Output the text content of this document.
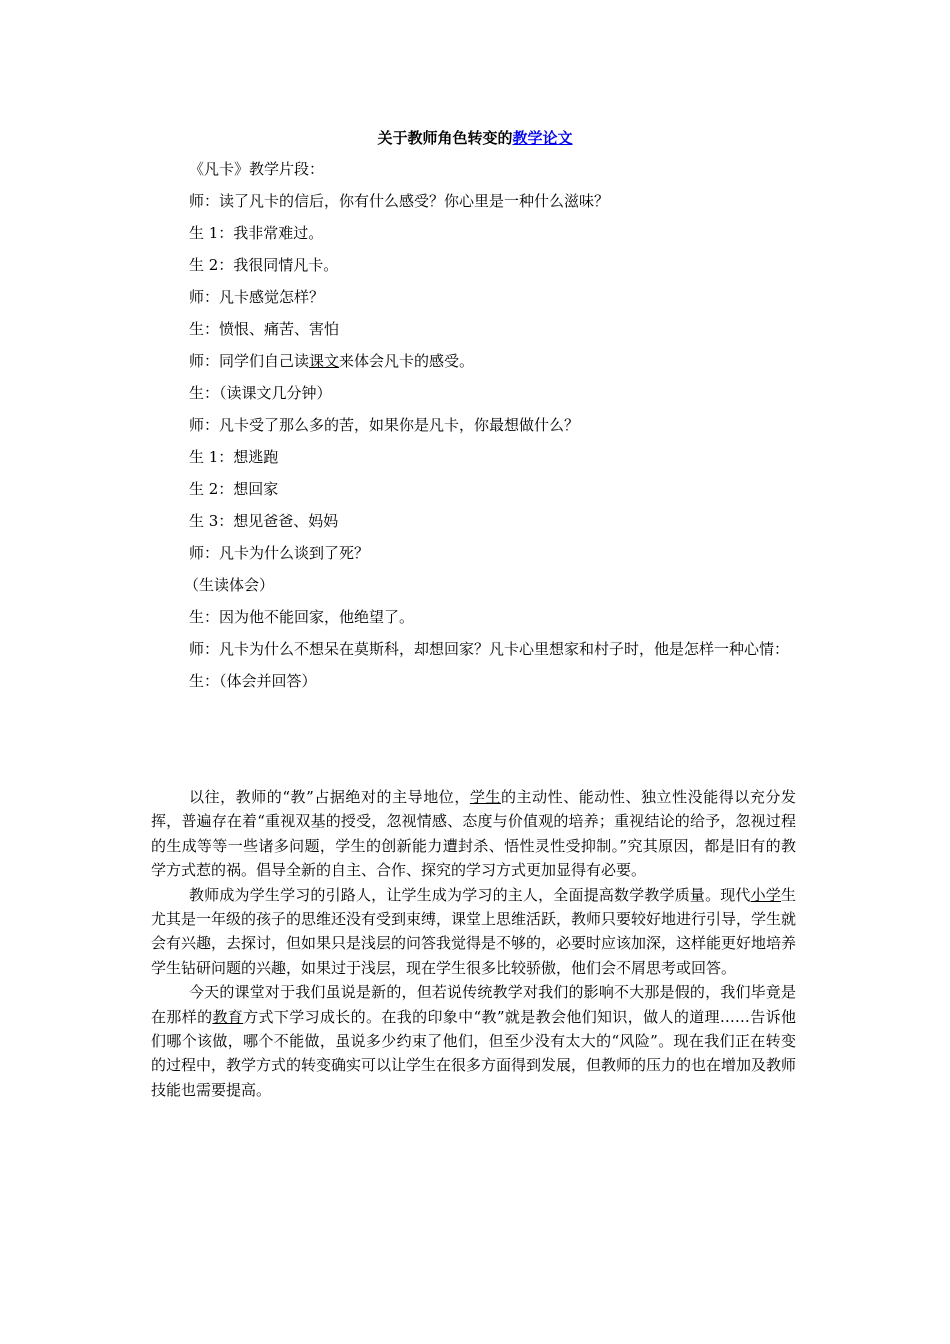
关于教师角色转变的教学论文
《凡卡》教学片段：
师：读了凡卡的信后，你有什么感受？你心里是一种什么滋味？
生 1：我非常难过。
生 2：我很同情凡卡。
师：凡卡感觉怎样？
生：愤恨、痛苦、害怕
师：同学们自己读课文来体会凡卡的感受。
生：（读课文几分钟）
师：凡卡受了那么多的苦，如果你是凡卡，你最想做什么？
生 1：想逃跑
生 2：想回家
生 3：想见爸爸、妈妈
师：凡卡为什么谈到了死？
（生读体会）
生：因为他不能回家，他绝望了。
师：凡卡为什么不想呆在莫斯科，却想回家？凡卡心里想家和村子时，他是怎样一种心情：
生：（体会并回答）

以往，教师的“教”占据绝对的主导地位，学生的主动性、能动性、独立性没能得以充分发挥，普遍存在着“重视双基的授受，忽视情感、态度与价值观的培养；重视结论的给予，忽视过程的生成等等一些诸多问题，学生的创新能力遭封杀、悟性灵性受抑制。”究其原因，都是旧有的教学方式惹的祸。倡导全新的自主、合作、探究的学习方式更加显得有必要。

教师成为学生学习的引路人，让学生成为学习的主人，全面提高数学教学质量。现代小学生尤其是一年级的孩子的思维还没有受到束缚，课堂上思维活跃，教师只要较好地进行引导，学生就会有兴趣，去探讨，但如果只是浅层的问答我觉得是不够的，必要时应该加深，这样能更好地培养学生钻研问题的兴趣，如果过于浅层，现在学生很多比较骄傲，他们会不屑思考或回答。

今天的课堂对于我们虽说是新的，但若说传统教学对我们的影响不大那是假的，我们毕竟是在那样的教育方式下学习成长的。在我的印象中“教”就是教会他们知识，做人的道理……告诉他们哪个该做，哪个不能做，虽说多少约束了他们，但至少没有太大的“风险”。现在我们正在转变的过程中，教学方式的转变确实可以让学生在很多方面得到发展，但教师的压力的也在增加及教师技能也需要提高。
